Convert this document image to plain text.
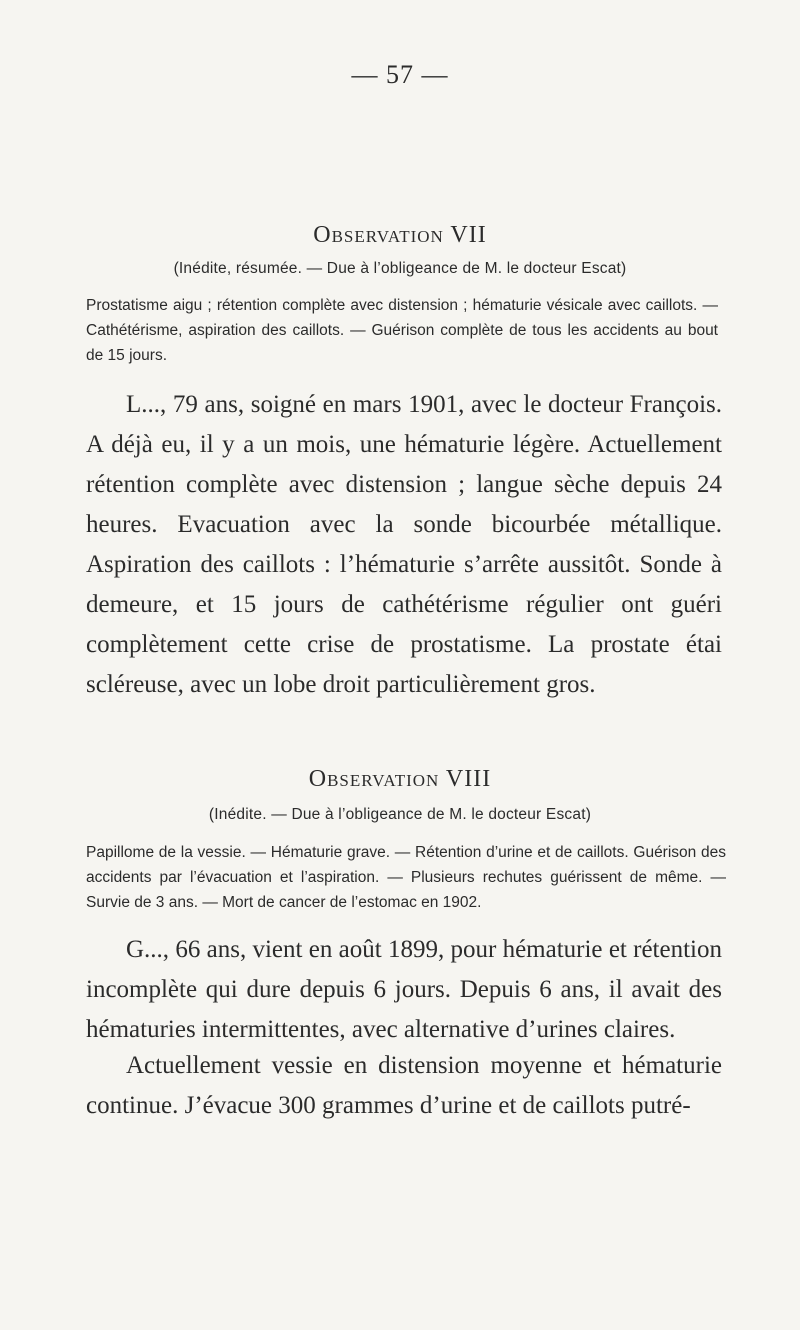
— 57 —
Observation VII
(Inédite, résumée. — Due à l’obligeance de M. le docteur Escat)
Prostatisme aigu ; rétention complète avec distension ; hématurie vésicale avec caillots. — Cathétérisme, aspiration des caillots. — Guérison complète de tous les accidents au bout de 15 jours.
L..., 79 ans, soigné en mars 1901, avec le docteur François. A déjà eu, il y a un mois, une hématurie légère. Actuellement rétention complète avec distension ; langue sèche depuis 24 heures. Evacuation avec la sonde bicourbée métallique. Aspiration des caillots : l’hématurie s’arrête aussitôt. Sonde à demeure, et 15 jours de cathétérisme régulier ont guéri complètement cette crise de prostatisme. La prostate étai scléreuse, avec un lobe droit particulièrement gros.
Observation VIII
(Inédite. — Due à l’obligeance de M. le docteur Escat)
Papillome de la vessie. — Hématurie grave. — Rétention d’urine et de caillots. Guérison des accidents par l’évacuation et l’aspiration. — Plusieurs rechutes guérissent de même. — Survie de 3 ans. — Mort de cancer de l’estomac en 1902.
G..., 66 ans, vient en août 1899, pour hématurie et rétention incomplète qui dure depuis 6 jours. Depuis 6 ans, il avait des hématuries intermittentes, avec alternative d’urines claires.
Actuellement vessie en distension moyenne et hématurie continue. J’évacue 300 grammes d’urine et de caillots putré-
